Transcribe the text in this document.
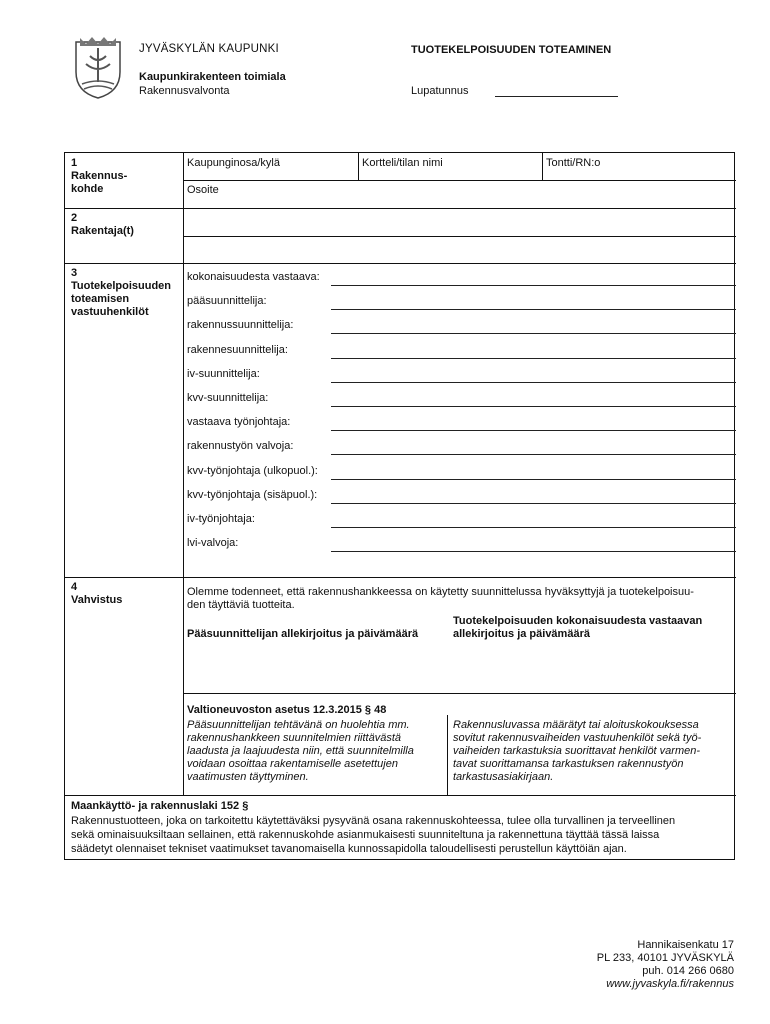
JYVÄSKYLÄN KAUPUNKI
Kaupunkirakenteen toimiala
Rakennusvalvonta
TUOTEKELPOISUUDEN TOTEAMINEN
Lupatunnus
1
Rakennus-
kohde
Kaupunginosa/kylä	Kortteli/tilan nimi	Tontti/RN:o
Osoite
2
Rakentaja(t)
3
Tuotekelpoisuuden
toteamisen
vastuuhenkilöt
kokonaisuudesta vastaava:
pääsuunnittelija:
rakennussuunnittelija:
rakennesuunnittelija:
iv-suunnittelija:
kvv-suunnittelija:
vastaava työnjohtaja:
rakennustyön valvoja:
kvv-työnjohtaja (ulkopuol.):
kvv-työnjohtaja (sisäpuol.):
iv-työnjohtaja:
lvi-valvoja:
4
Vahvistus
Olemme todenneet, että rakennushankkeessa on käytetty suunnittelussa hyväksyttyjä ja tuotekelpoisuu-
den täyttäviä tuotteita.
Pääsuunnittelijan allekirjoitus ja päivämäärä
Tuotekelpoisuuden kokonaisuudesta vastaavan
allekirjoitus ja päivämäärä
Valtioneuvoston asetus 12.3.2015 § 48
Pääsuunnittelijan tehtävänä on huolehtia mm.
rakennushankkeen suunnitelmien riittävästä
laadusta ja laajuudesta niin, että suunnitelmilla
voidaan osoittaa rakentamiselle asetettujen
vaatimusten täyttyminen.
Rakennusluvassa määrätyt tai aloituskokouksessa
sovitut rakennusvaiheiden vastuuhenkilöt sekä työ-
vaiheiden tarkastuksia suorittavat henkilöt varmen-
tavat suorittamansa tarkastuksen rakennustyön
tarkastusasiakirjaan.
Maankäyttö- ja rakennuslaki 152 §
Rakennustuotteen, joka on tarkoitettu käytettäväksi pysyvänä osana rakennuskohteessa, tulee olla turvallinen ja terveellinen
sekä ominaisuuksiltaan sellainen, että rakennuskohde asianmukaisesti suunniteltuna ja rakennettuna täyttää tässä laissa
säädetyt olennaiset tekniset vaatimukset tavanomaisella kunnossapidolla taloudellisesti perustellun käyttöiän ajan.
Hannikaisenkatu 17
PL 233, 40101 JYVÄSKYLÄ
puh. 014 266 0680
www.jyvaskyla.fi/rakennus
